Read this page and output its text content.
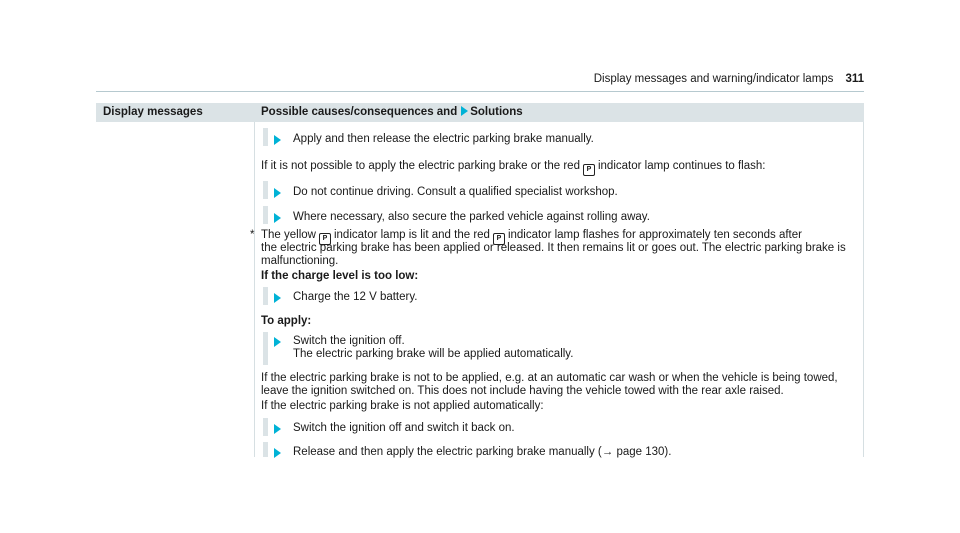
Display messages and warning/indicator lamps 311
Display messages	Possible causes/consequences and Solutions
Apply and then release the electric parking brake manually.
If it is not possible to apply the electric parking brake or the red P indicator lamp continues to flash:
Do not continue driving. Consult a qualified specialist workshop.
Where necessary, also secure the parked vehicle against rolling away.
* The yellow P indicator lamp is lit and the red P indicator lamp flashes for approximately ten seconds after
the electric parking brake has been applied or released. It then remains lit or goes out. The electric parking brake is
malfunctioning.
If the charge level is too low:
Charge the 12 V battery.
To apply:
Switch the ignition off.
The electric parking brake will be applied automatically.
If the electric parking brake is not to be applied, e.g. at an automatic car wash or when the vehicle is being towed,
leave the ignition switched on. This does not include having the vehicle towed with the rear axle raised.
If the electric parking brake is not applied automatically:
Switch the ignition off and switch it back on.
Release and then apply the electric parking brake manually (→ page 130).
